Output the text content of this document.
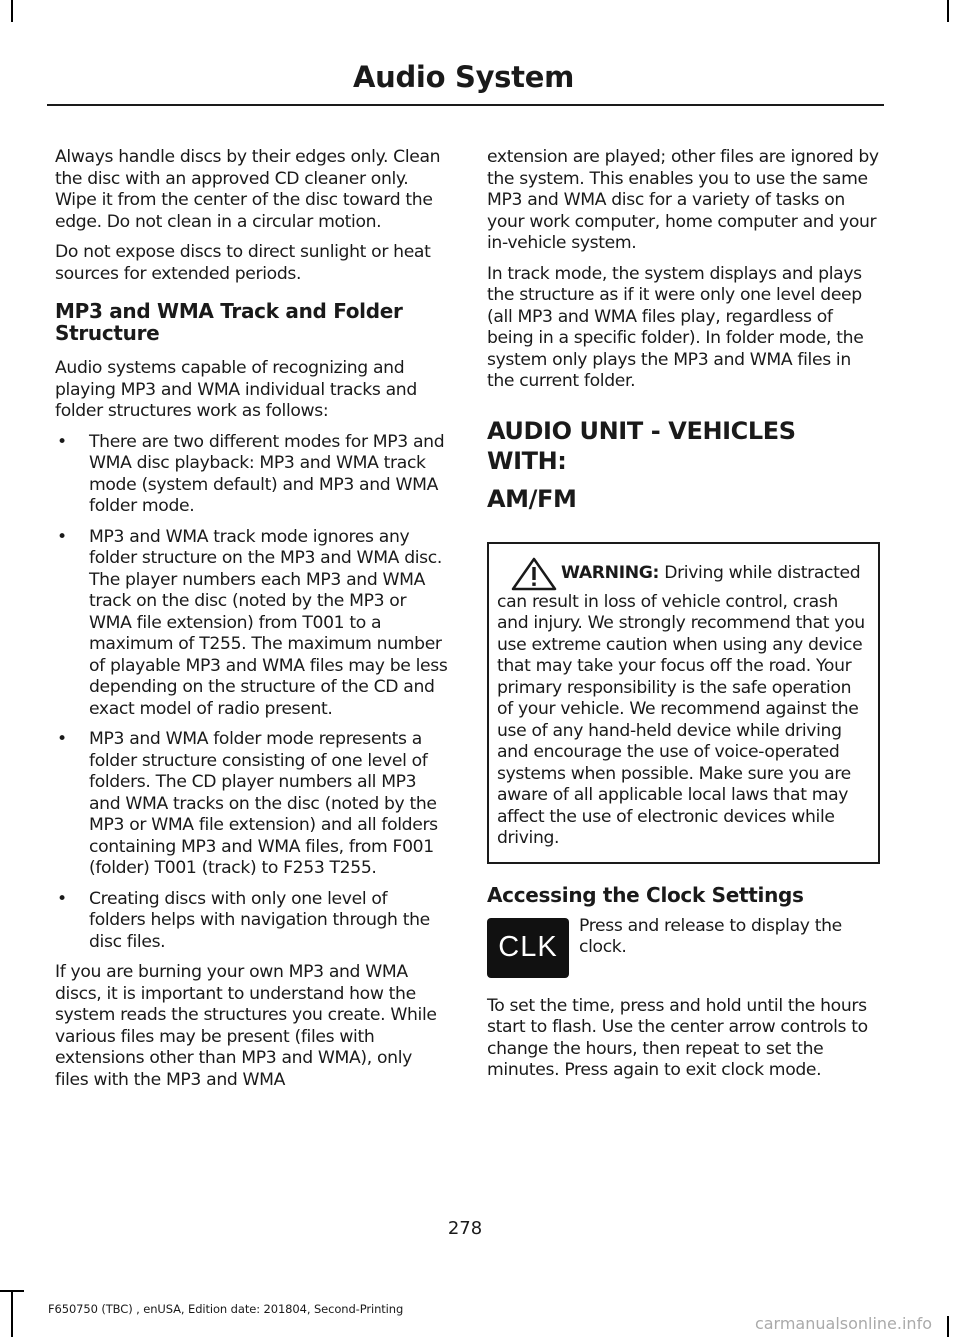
Audio System

Always handle discs by their edges only. Clean the disc with an approved CD cleaner only. Wipe it from the center of the disc toward the edge. Do not clean in a circular motion.

Do not expose discs to direct sunlight or heat sources for extended periods.

MP3 and WMA Track and Folder Structure

Audio systems capable of recognizing and playing MP3 and WMA individual tracks and folder structures work as follows:

• There are two different modes for MP3 and WMA disc playback: MP3 and WMA track mode (system default) and MP3 and WMA folder mode.
• MP3 and WMA track mode ignores any folder structure on the MP3 and WMA disc. The player numbers each MP3 and WMA track on the disc (noted by the MP3 or WMA file extension) from T001 to a maximum of T255. The maximum number of playable MP3 and WMA files may be less depending on the structure of the CD and exact model of radio present.
• MP3 and WMA folder mode represents a folder structure consisting of one level of folders. The CD player numbers all MP3 and WMA tracks on the disc (noted by the MP3 or WMA file extension) and all folders containing MP3 and WMA files, from F001 (folder) T001 (track) to F253 T255.
• Creating discs with only one level of folders helps with navigation through the disc files.

If you are burning your own MP3 and WMA discs, it is important to understand how the system reads the structures you create. While various files may be present (files with extensions other than MP3 and WMA), only files with the MP3 and WMA

extension are played; other files are ignored by the system. This enables you to use the same MP3 and WMA disc for a variety of tasks on your work computer, home computer and your in-vehicle system.

In track mode, the system displays and plays the structure as if it were only one level deep (all MP3 and WMA files play, regardless of being in a specific folder). In folder mode, the system only plays the MP3 and WMA files in the current folder.

AUDIO UNIT - VEHICLES WITH:
AM/FM
WARNING: Driving while distracted can result in loss of vehicle control, crash and injury. We strongly recommend that you use extreme caution when using any device that may take your focus off the road. Your primary responsibility is the safe operation of your vehicle. We recommend against the use of any hand-held device while driving and encourage the use of voice-operated systems when possible. Make sure you are aware of all applicable local laws that may affect the use of electronic devices while driving.
Accessing the Clock Settings
CLK

Press and release to display the clock.

To set the time, press and hold until the hours start to flash. Use the center arrow controls to change the hours, then repeat to set the minutes. Press again to exit clock mode.

278

F650750 (TBC) , enUSA, Edition date: 201804, Second-Printing

carmanualsonline.info
